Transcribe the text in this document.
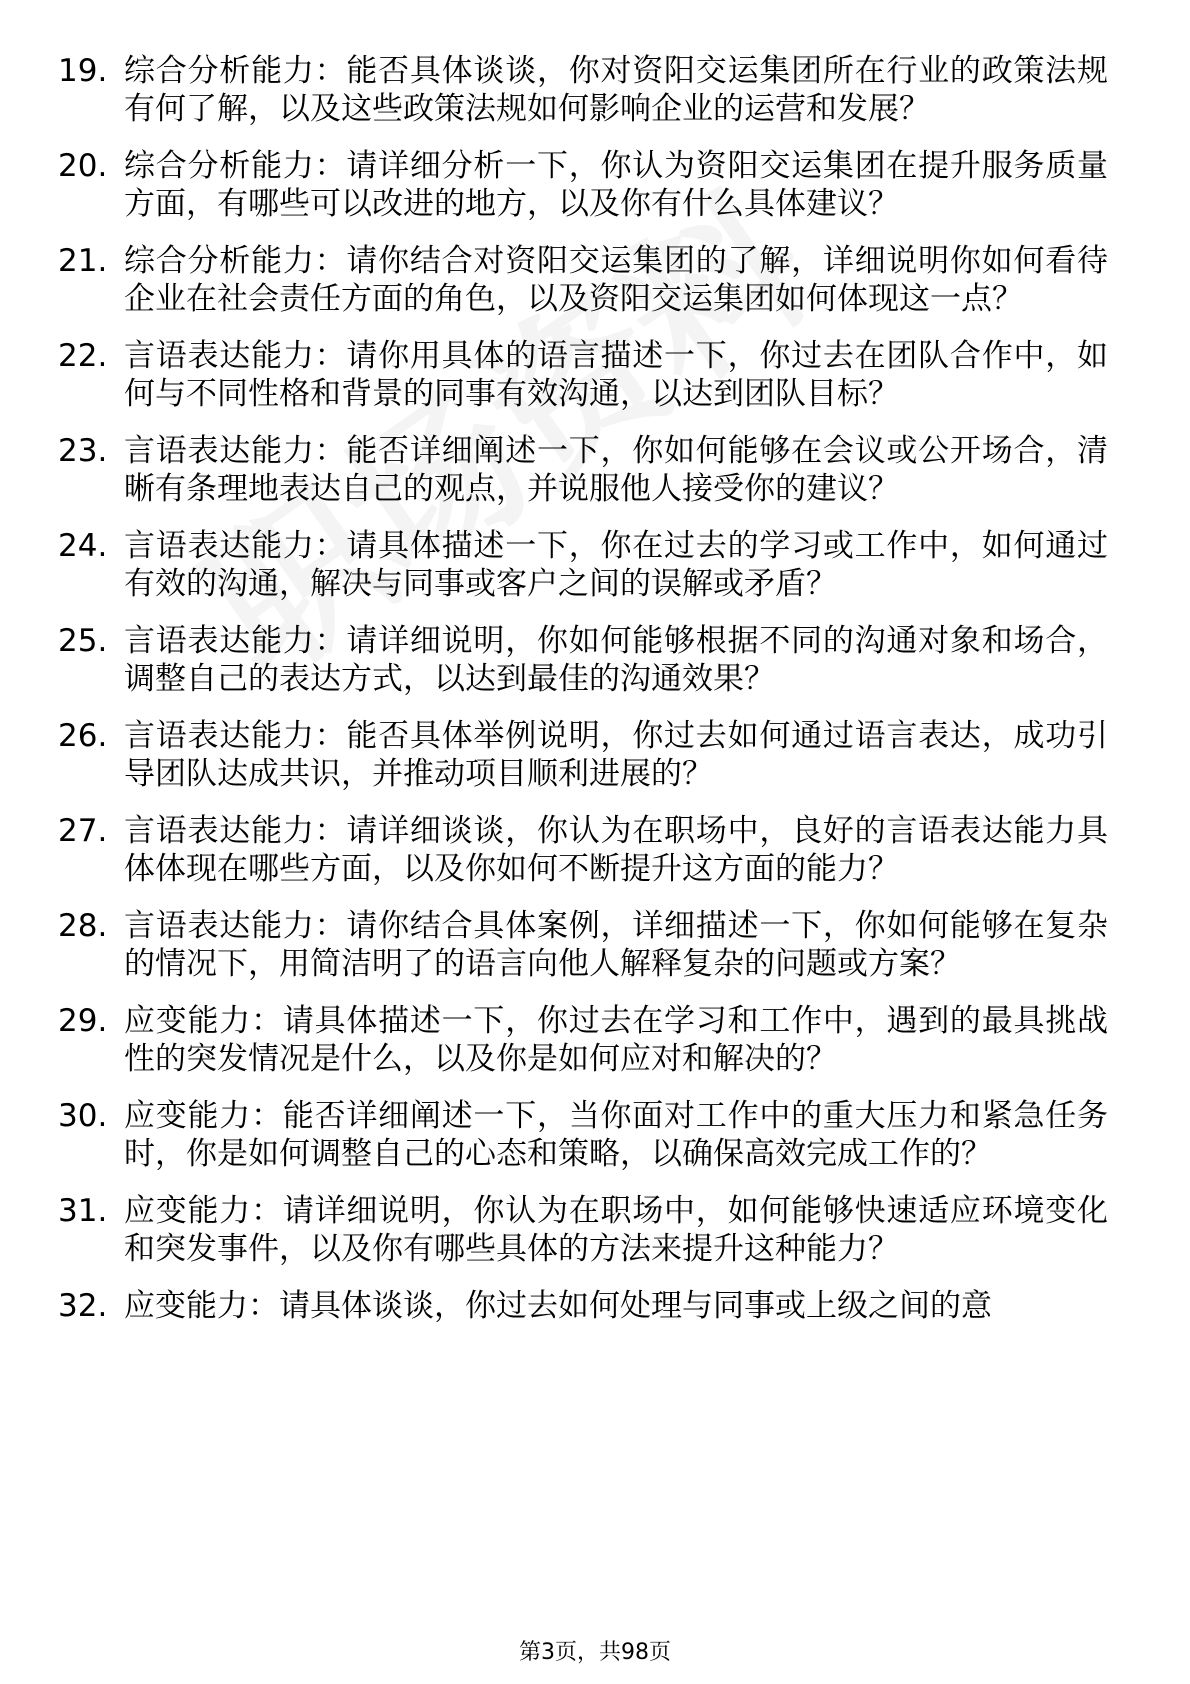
19. 综合分析能力：能否具体谈谈，你对资阳交运集团所在行业的政策法规有何了解，以及这些政策法规如何影响企业的运营和发展？
20. 综合分析能力：请详细分析一下，你认为资阳交运集团在提升服务质量方面，有哪些可以改进的地方，以及你有什么具体建议？
21. 综合分析能力：请你结合对资阳交运集团的了解，详细说明你如何看待企业在社会责任方面的角色，以及资阳交运集团如何体现这一点？
22. 言语表达能力：请你用具体的语言描述一下，你过去在团队合作中，如何与不同性格和背景的同事有效沟通，以达到团队目标？
23. 言语表达能力：能否详细阐述一下，你如何能够在会议或公开场合，清晰有条理地表达自己的观点，并说服他人接受你的建议？
24. 言语表达能力：请具体描述一下，你在过去的学习或工作中，如何通过有效的沟通，解决与同事或客户之间的误解或矛盾？
25. 言语表达能力：请详细说明，你如何能够根据不同的沟通对象和场合，调整自己的表达方式，以达到最佳的沟通效果？
26. 言语表达能力：能否具体举例说明，你过去如何通过语言表达，成功引导团队达成共识，并推动项目顺利进展的？
27. 言语表达能力：请详细谈谈，你认为在职场中，良好的言语表达能力具体体现在哪些方面，以及你如何不断提升这方面的能力？
28. 言语表达能力：请你结合具体案例，详细描述一下，你如何能够在复杂的情况下，用简洁明了的语言向他人解释复杂的问题或方案？
29. 应变能力：请具体描述一下，你过去在学习和工作中，遇到的最具挑战性的突发情况是什么，以及你是如何应对和解决的？
30. 应变能力：能否详细阐述一下，当你面对工作中的重大压力和紧急任务时，你是如何调整自己的心态和策略，以确保高效完成工作的？
31. 应变能力：请详细说明，你认为在职场中，如何能够快速适应环境变化和突发事件，以及你有哪些具体的方法来提升这种能力？
32. 应变能力：请具体谈谈，你过去如何处理与同事或上级之间的意
第3页，共98页
